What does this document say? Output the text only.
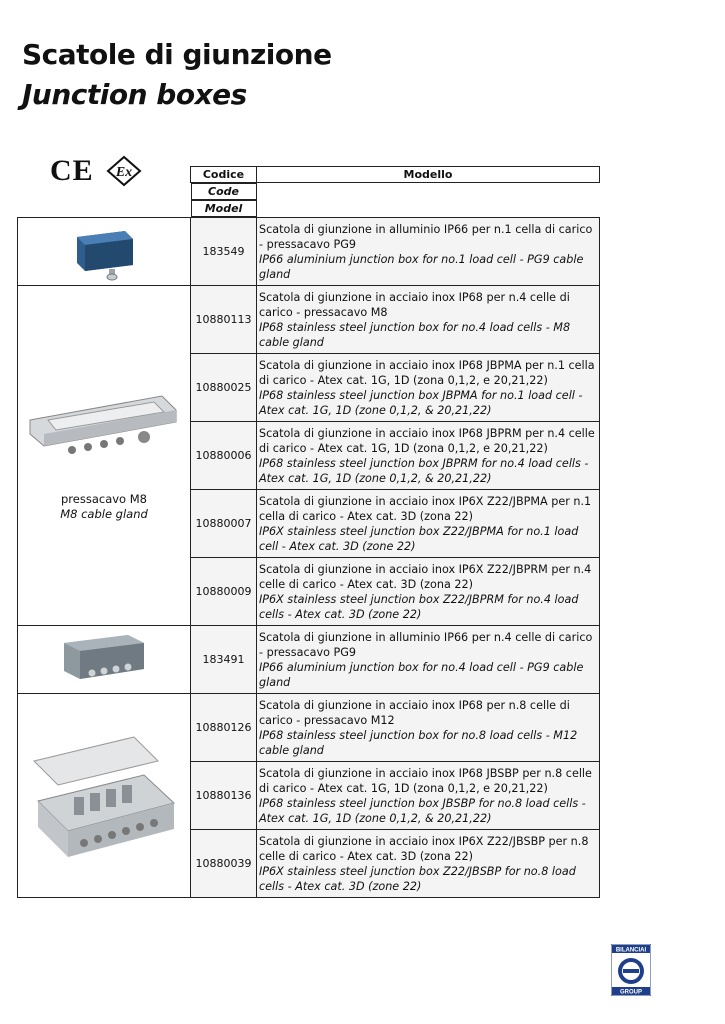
Scatole di giunzione
Junction boxes
CE Ex
		Codice	Modello

Code
Model

	183549	Scatola di giunzione in alluminio IP66 per n.1 cella di carico - pressacavo PG9
IP66 aluminium junction box for no.1 load cell - PG9 cable gland

pressacavo M8
M8 cable gland	10880113	Scatola di giunzione in acciaio inox IP68 per n.4 celle di carico - pressacavo M8
IP68 stainless steel junction box for no.4 load cells - M8 cable gland

	10880025	Scatola di giunzione in acciaio inox IP68 JBPMA per n.1 cella di carico - Atex cat. 1G, 1D (zona 0,1,2, e 20,21,22)
IP68 stainless steel junction box JBPMA for no.1 load cell - Atex cat. 1G, 1D (zone 0,1,2, & 20,21,22)

	10880006	Scatola di giunzione in acciaio inox IP68 JBPRM per n.4 celle di carico - Atex cat. 1G, 1D (zona 0,1,2, e 20,21,22)
IP68 stainless steel junction box JBPRM for no.4 load cells - Atex cat. 1G, 1D (zone 0,1,2, & 20,21,22)

	10880007	Scatola di giunzione in acciaio inox IP6X Z22/JBPMA per n.1 cella di carico - Atex cat. 3D (zona 22)
IP6X stainless steel junction box Z22/JBPMA for no.1 load cell - Atex cat. 3D (zone 22)

	10880009	Scatola di giunzione in acciaio inox IP6X Z22/JBPRM per n.4 celle di carico - Atex cat. 3D (zona 22)
IP6X stainless steel junction box Z22/JBPRM for no.4 load cells - Atex cat. 3D (zone 22)

	183491	Scatola di giunzione in alluminio IP66 per n.4 celle di carico - pressacavo PG9
IP66 aluminium junction box for no.4 load cell - PG9 cable gland

	10880126	Scatola di giunzione in acciaio inox IP68 per n.8 celle di carico - pressacavo M12
IP68 stainless steel junction box for no.8 load cells - M12 cable gland

	10880136	Scatola di giunzione in acciaio inox IP68 JBSBP per n.8 celle di carico - Atex cat. 1G, 1D (zona 0,1,2, e 20,21,22)
IP68 stainless steel junction box JBSBP for no.8 load cells - Atex cat. 1G, 1D (zone 0,1,2, & 20,21,22)

	10880039	Scatola di giunzione in acciaio inox IP6X Z22/JBSBP per n.8 celle di carico - Atex cat. 3D (zona 22)
IP6X stainless steel junction box Z22/JBSBP for no.8 load cells - Atex cat. 3D (zone 22)
BILANCIAI
GROUP
